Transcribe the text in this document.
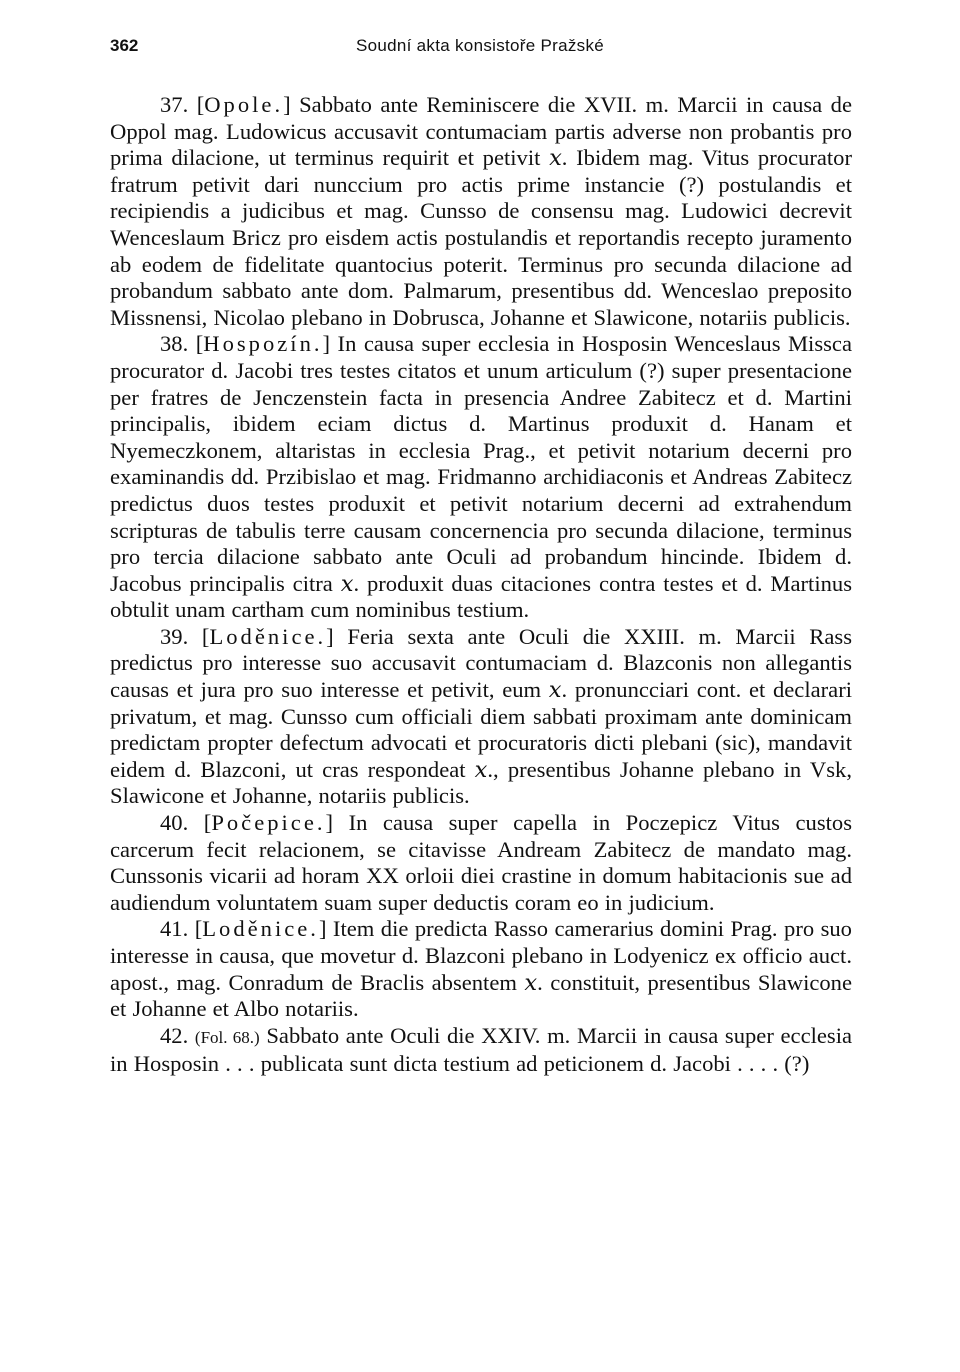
362	Soudní akta konsistoře Pražské

37. [Opole.] Sabbato ante Reminiscere die XVII. m. Marcii in causa de Oppol mag. Ludowicus accusavit contumaciam partis adverse non probantis pro prima dilacione, ut terminus requirit et petivit 𝑥. Ibidem mag. Vitus procurator fratrum petivit dari nunccium pro actis prime instancie (?) postulandis et recipiendis a judicibus et mag. Cunsso de consensu mag. Ludowici decrevit Wenceslaum Bricz pro eisdem actis postulandis et reportandis recepto juramento ab eodem de fidelitate quantocius poterit. Terminus pro secunda dilacione ad probandum sabbato ante dom. Palmarum, presentibus dd. Wenceslao preposito Missnensi, Nicolao plebano in Dobrusca, Johanne et Slawicone, notariis publicis.

38. [Hospozín.] In causa super ecclesia in Hosposin Wenceslaus Missca procurator d. Jacobi tres testes citatos et unum articulum (?) super presentacione per fratres de Jenczenstein facta in presencia Andree Zabitecz et d. Martini principalis, ibidem eciam dictus d. Martinus produxit d. Hanam et Nyemeczkonem, altaristas in ecclesia Prag., et petivit notarium decerni pro examinandis dd. Przibislao et mag. Fridmanno archidiaconis et Andreas Zabitecz predictus duos testes produxit et petivit notarium decerni ad extrahendum scripturas de tabulis terre causam concernencia pro secunda dilacione, terminus pro tercia dilacione sabbato ante Oculi ad probandum hincinde. Ibidem d. Jacobus principalis citra 𝑥. produxit duas citaciones contra testes et d. Martinus obtulit unam cartham cum nominibus testium.

39. [Loděnice.] Feria sexta ante Oculi die XXIII. m. Marcii Rass predictus pro interesse suo accusavit contumaciam d. Blazconis non allegantis causas et jura pro suo interesse et petivit, eum 𝑥. pronuncciari cont. et declarari privatum, et mag. Cunsso cum officiali diem sabbati proximam ante dominicam predictam propter defectum advocati et procuratoris dicti plebani (sic), mandavit eidem d. Blazconi, ut cras respondeat 𝑥., presentibus Johanne plebano in Vsk, Slawicone et Johanne, notariis publicis.

40. [Počepice.] In causa super capella in Poczepicz Vitus custos carcerum fecit relacionem, se citavisse Andream Zabitecz de mandato mag. Cunssonis vicarii ad horam XX orloii diei crastine in domum habitacionis sue ad audiendum voluntatem suam super deductis coram eo in judicium.

41. [Loděnice.] Item die predicta Rasso camerarius domini Prag. pro suo interesse in causa, que movetur d. Blazconi plebano in Lodyenicz ex officio auct. apost., mag. Conradum de Braclis absentem 𝑥. constituit, presentibus Slawicone et Johanne et Albo notariis.

42. (Fol. 68.) Sabbato ante Oculi die XXIV. m. Marcii in causa super ecclesia in Hosposin . . . publicata sunt dicta testium ad peticionem d. Jacobi . . . . (?)
